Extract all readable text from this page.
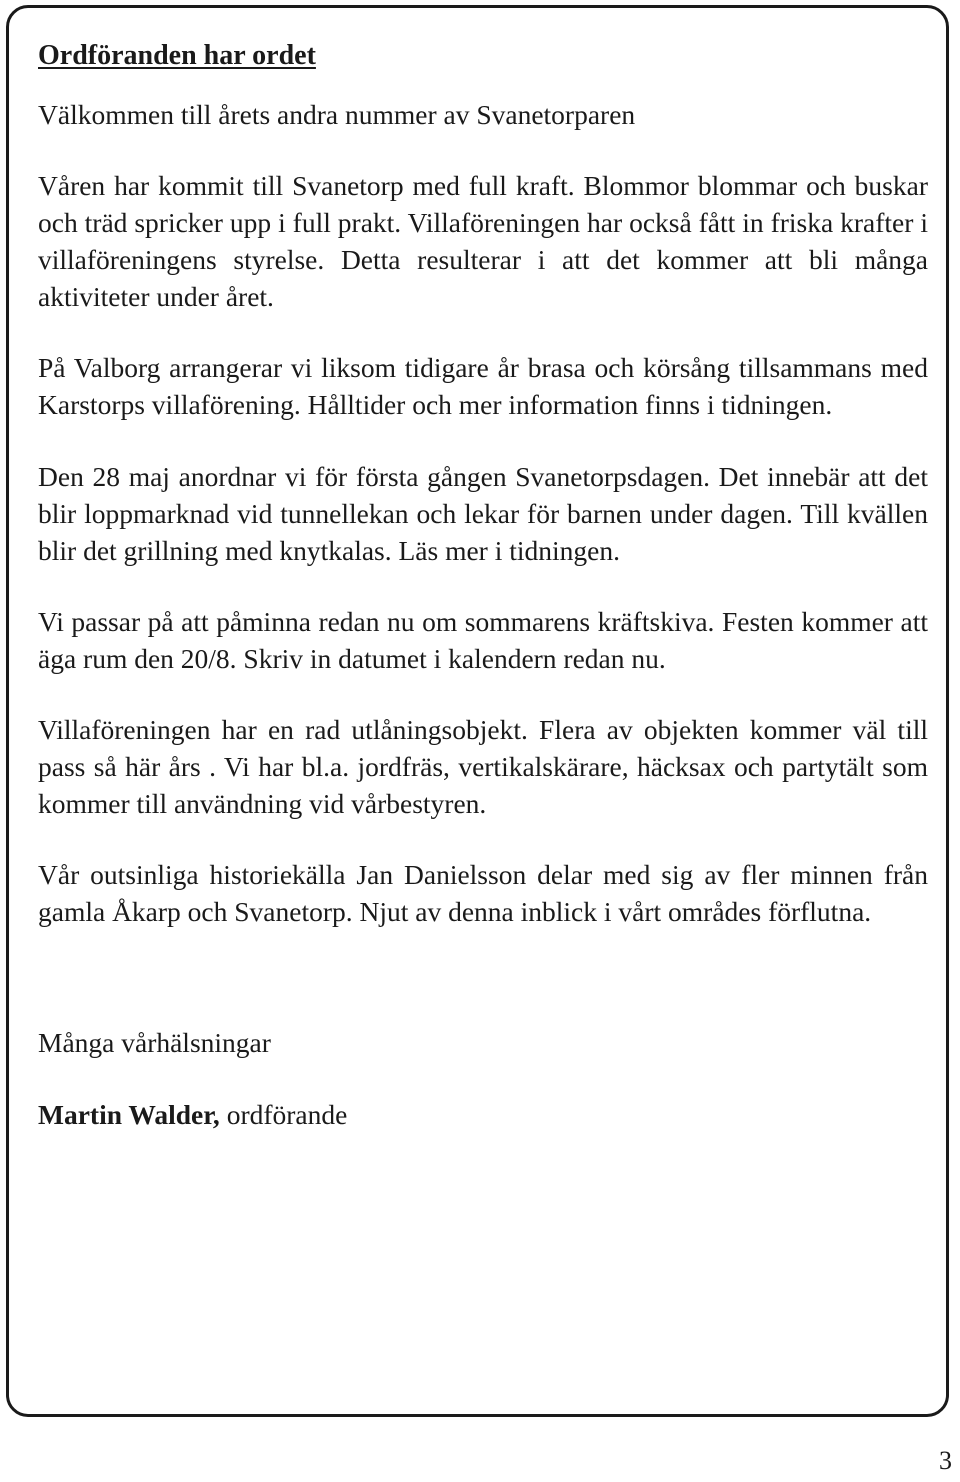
Ordföranden har ordet

Välkommen till årets andra nummer av Svanetorparen

Våren har kommit till Svanetorp med full kraft. Blommor blommar och buskar och träd spricker upp i full prakt. Villaföreningen har också fått in friska krafter i villaföreningens styrelse. Detta resulterar i att det kommer att bli många aktiviteter under året.

På Valborg arrangerar vi liksom tidigare år brasa och körsång tillsammans med Karstorps villaförening. Hålltider och mer information finns i tidningen.

Den 28 maj anordnar vi för första gången Svanetorpsdagen. Det innebär att det blir loppmarknad vid tunnellekan och lekar för barnen under dagen. Till kvällen blir det grillning med knytkalas. Läs mer i tidningen.

Vi passar på att påminna redan nu om sommarens kräftskiva. Festen kommer att äga rum den 20/8. Skriv in datumet i kalendern redan nu.

Villaföreningen har en rad utlåningsobjekt. Flera av objekten kommer väl till pass så här års . Vi har bl.a. jordfräs, vertikalskärare, häcksax och partytält som kommer till användning vid vårbestyren.

Vår outsinliga historiekälla Jan Danielsson delar med sig av fler minnen från gamla Åkarp och Svanetorp. Njut av denna inblick i vårt områdes förflutna.

Många vårhälsningar

Martin Walder, ordförande

3
